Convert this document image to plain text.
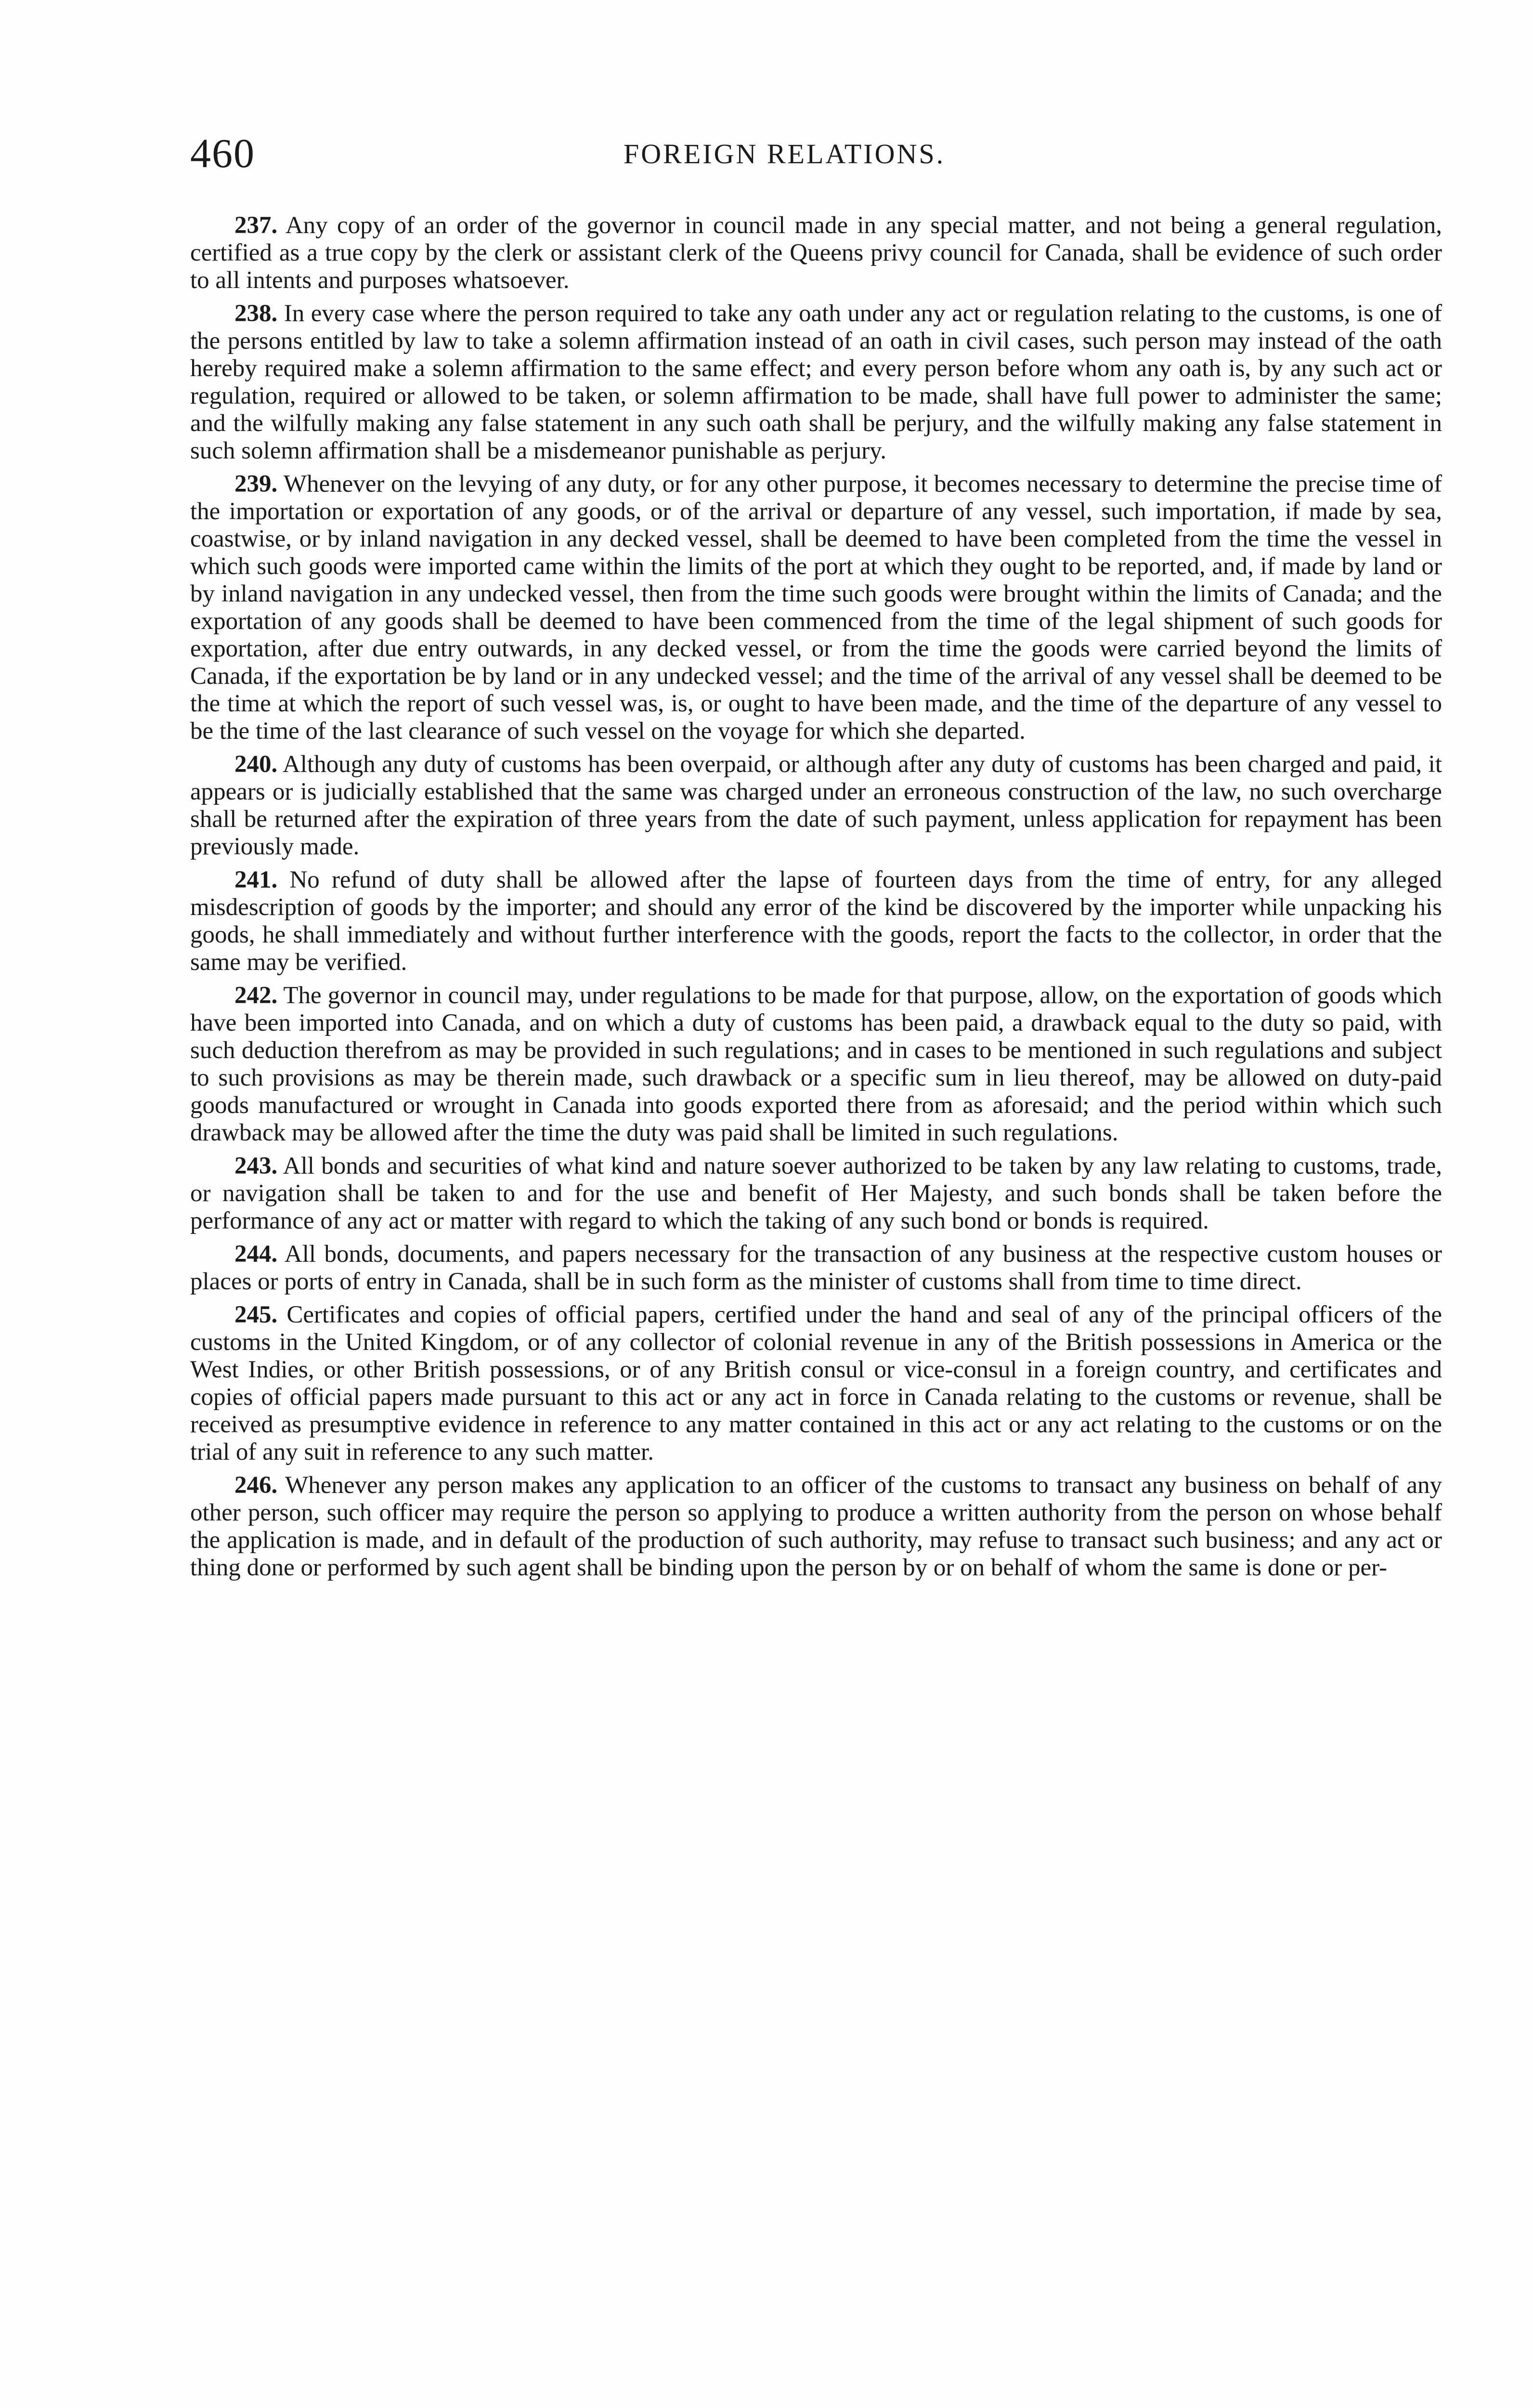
460	FOREIGN RELATIONS.

237. Any copy of an order of the governor in council made in any special matter, and not being a general regulation, certified as a true copy by the clerk or assistant clerk of the Queens privy council for Canada, shall be evidence of such order to all intents and purposes whatsoever.

238. In every case where the person required to take any oath under any act or regulation relating to the customs, is one of the persons entitled by law to take a solemn affirmation instead of an oath in civil cases, such person may instead of the oath hereby required make a solemn affirmation to the same effect; and every person before whom any oath is, by any such act or regulation, required or allowed to be taken, or solemn affirmation to be made, shall have full power to administer the same; and the wilfully making any false statement in any such oath shall be perjury, and the wilfully making any false statement in such solemn affirmation shall be a misdemeanor punishable as perjury.

239. Whenever on the levying of any duty, or for any other purpose, it becomes necessary to determine the precise time of the importation or exportation of any goods, or of the arrival or departure of any vessel, such importation, if made by sea, coastwise, or by inland navigation in any decked vessel, shall be deemed to have been completed from the time the vessel in which such goods were imported came within the limits of the port at which they ought to be reported, and, if made by land or by inland navigation in any undecked vessel, then from the time such goods were brought within the limits of Canada; and the exportation of any goods shall be deemed to have been commenced from the time of the legal shipment of such goods for exportation, after due entry outwards, in any decked vessel, or from the time the goods were carried beyond the limits of Canada, if the exportation be by land or in any undecked vessel; and the time of the arrival of any vessel shall be deemed to be the time at which the report of such vessel was, is, or ought to have been made, and the time of the departure of any vessel to be the time of the last clearance of such vessel on the voyage for which she departed.

240. Although any duty of customs has been overpaid, or although after any duty of customs has been charged and paid, it appears or is judicially established that the same was charged under an erroneous construction of the law, no such overcharge shall be returned after the expiration of three years from the date of such payment, unless application for repayment has been previously made.

241. No refund of duty shall be allowed after the lapse of fourteen days from the time of entry, for any alleged misdescription of goods by the importer; and should any error of the kind be discovered by the importer while unpacking his goods, he shall immediately and without further interference with the goods, report the facts to the collector, in order that the same may be verified.

242. The governor in council may, under regulations to be made for that purpose, allow, on the exportation of goods which have been imported into Canada, and on which a duty of customs has been paid, a drawback equal to the duty so paid, with such deduction therefrom as may be provided in such regulations; and in cases to be mentioned in such regulations and subject to such provisions as may be therein made, such drawback or a specific sum in lieu thereof, may be allowed on duty-paid goods manufactured or wrought in Canada into goods exported there from as aforesaid; and the period within which such drawback may be allowed after the time the duty was paid shall be limited in such regulations.

243. All bonds and securities of what kind and nature soever authorized to be taken by any law relating to customs, trade, or navigation shall be taken to and for the use and benefit of Her Majesty, and such bonds shall be taken before the performance of any act or matter with regard to which the taking of any such bond or bonds is required.

244. All bonds, documents, and papers necessary for the transaction of any business at the respective custom houses or places or ports of entry in Canada, shall be in such form as the minister of customs shall from time to time direct.

245. Certificates and copies of official papers, certified under the hand and seal of any of the principal officers of the customs in the United Kingdom, or of any collector of colonial revenue in any of the British possessions in America or the West Indies, or other British possessions, or of any British consul or vice-consul in a foreign country, and certificates and copies of official papers made pursuant to this act or any act in force in Canada relating to the customs or revenue, shall be received as presumptive evidence in reference to any matter contained in this act or any act relating to the customs or on the trial of any suit in reference to any such matter.

246. Whenever any person makes any application to an officer of the customs to transact any business on behalf of any other person, such officer may require the person so applying to produce a written authority from the person on whose behalf the application is made, and in default of the production of such authority, may refuse to transact such business; and any act or thing done or performed by such agent shall be binding upon the person by or on behalf of whom the same is done or per-
